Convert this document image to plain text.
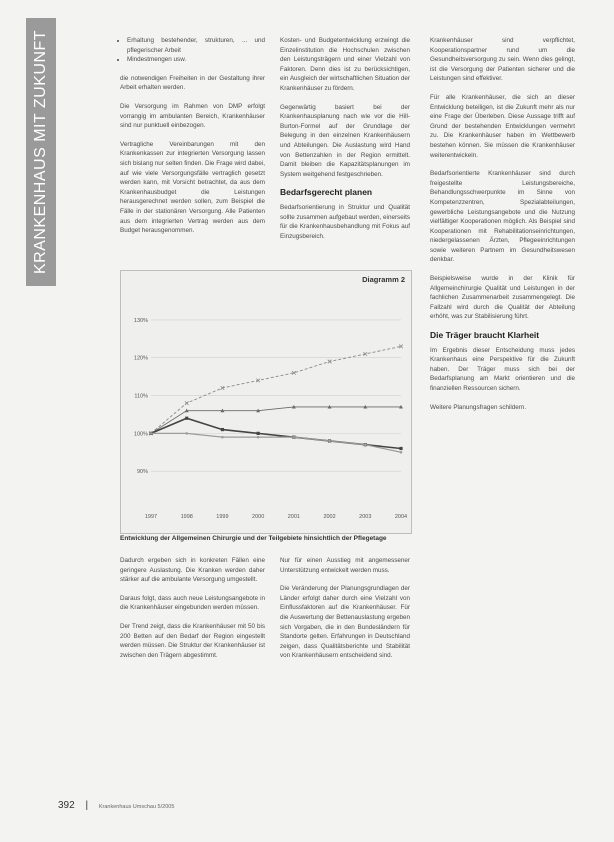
KRANKENHAUS MIT ZUKUNFT
•	Erhaltung bestehender, strukturen, ... und pflegerischer Arbeit
• Mindestmengen usw.

die notwendigen Freiheiten in der Gestaltung ihrer Arbeit erhalten werden.

Die Versorgung im Rahmen von DMP erfolgt vorrangig im ambulanten Bereich, Krankenhäuser sind nur punktuell einbezogen.

Vertragliche Vereinbarungen mit den Krankenkassen zur integrierten Versorgung lassen sich bislang nur selten finden. Die Frage wird dabei, auf wie viele Versorgungsfälle vertraglich gesetzt werden kann, mit Vorsicht betrachtet, da aus dem Krankenhausbudget die Leistungen herausgerechnet werden sollen, zum Beispiel die Fälle in der stationären Versorgung. Alle Patienten aus dem integrierten Vertrag werden aus dem Budget herausgenommen.

Kosten- und Budgetentwicklung erzwingt die Einzelinstitution die Hochschulen zwischen den Leistungsträgern und einer Vielzahl von Faktoren. Denn dies ist zu berücksichtigen, ein Ausgleich der wirtschaftlichen Situation der Krankenhäuser zu fördern.

Gegenwärtig basiert bei der Krankenhausplanung nach wie vor die Hill-Burton-Formel auf der Grundlage der Belegung in den einzelnen Krankenhäusern und Abteilungen. Die Auslastung wird Hand von Bettenzahlen in der Region ermittelt. Damit bleiben die Kapazitätsplanungen im System weitgehend festgeschrieben.

Bedarfsgerecht planen

Bedarfsorientierung in Struktur und Qualität sollte zusammen aufgebaut werden, einerseits für die Krankenhausbehandlung mit Fokus auf Einzugsbereich.

Diagramm 2
130%
120%
110%
100%
90%
1997	1998	1999	2000	2001	2002	2003	2004
Entwicklung der Allgemeinen Chirurgie und der Teilgebiete hinsichtlich der Pflegetage

Krankenhäuser sind verpflichtet, Kooperationspartner rund um die Gesundheitsversorgung zu sein. Wenn dies gelingt, ist die Versorgung der Patienten sicherer und die Leistungen sind effektiver.

Für alle Krankenhäuser, die sich an dieser Entwicklung beteiligen, ist die Zukunft mehr als nur eine Frage der Überleben. Diese Aussage trifft auf Grund der bestehenden Entwicklungen vermehrt zu. Die Krankenhäuser haben im Wettbewerb bestehen können. Sie müssen die Krankenhäuser weiterentwickeln.

Bedarfsorientierte Krankenhäuser sind durch freigestellte Leistungsbereiche, Behandlungsschwerpunkte im Sinne von Kompetenzzentren, Spezialabteilungen, gewerbliche Leistungsangebote und die Nutzung vielfältiger Kooperationen möglich. Als Beispiel sind Kooperationen mit Rehabilitationseinrichtungen, niedergelassenen Ärzten, Pflegeeinrichtungen sowie weiteren Partnern im Gesundheitswesen denkbar.

Beispielsweise wurde in der Klinik für Allgemeinchirurgie Qualität und Leistungen in der fachlichen Zusammenarbeit zusammengelegt. Die Fallzahl wird durch die Qualität der Abteilung erhöht, was zur Stabilisierung führt.

Die Träger braucht Klarheit

Im Ergebnis dieser Entscheidung muss jedes Krankenhaus eine Perspektive für die Zukunft haben. Der Träger muss sich bei der Bedarfsplanung am Markt orientieren und die finanziellen Ressourcen sichern.

Weitere Planungsfragen schildern.

Dadurch ergeben sich in konkreten Fällen eine geringere Auslastung. Die Kranken werden daher stärker auf die ambulante Versorgung umgestellt.

Daraus folgt, dass auch neue Leistungsangebote in die Krankenhäuser eingebunden werden müssen.

Der Trend zeigt, dass die Krankenhäuser mit 50 bis 200 Betten auf den Bedarf der Region eingestellt werden müssen. Die Struktur der Krankenhäuser ist zwischen den Trägern abgestimmt.

Nur für einen Ausstieg mit angemessener Unterstützung entwickelt werden muss.

Die Veränderung der Planungsgrundlagen der Länder erfolgt daher durch eine Vielzahl von Einflussfaktoren auf die Krankenhäuser. Für die Auswertung der Bettenauslastung ergeben sich Vorgaben, die in den Bundesländern für Standorte gelten. Erfahrungen in Deutschland zeigen, dass Qualitätsberichte und Stabilität von Krankenhäusern entscheidend sind.

392 | Krankenhaus Umschau 5/2005
